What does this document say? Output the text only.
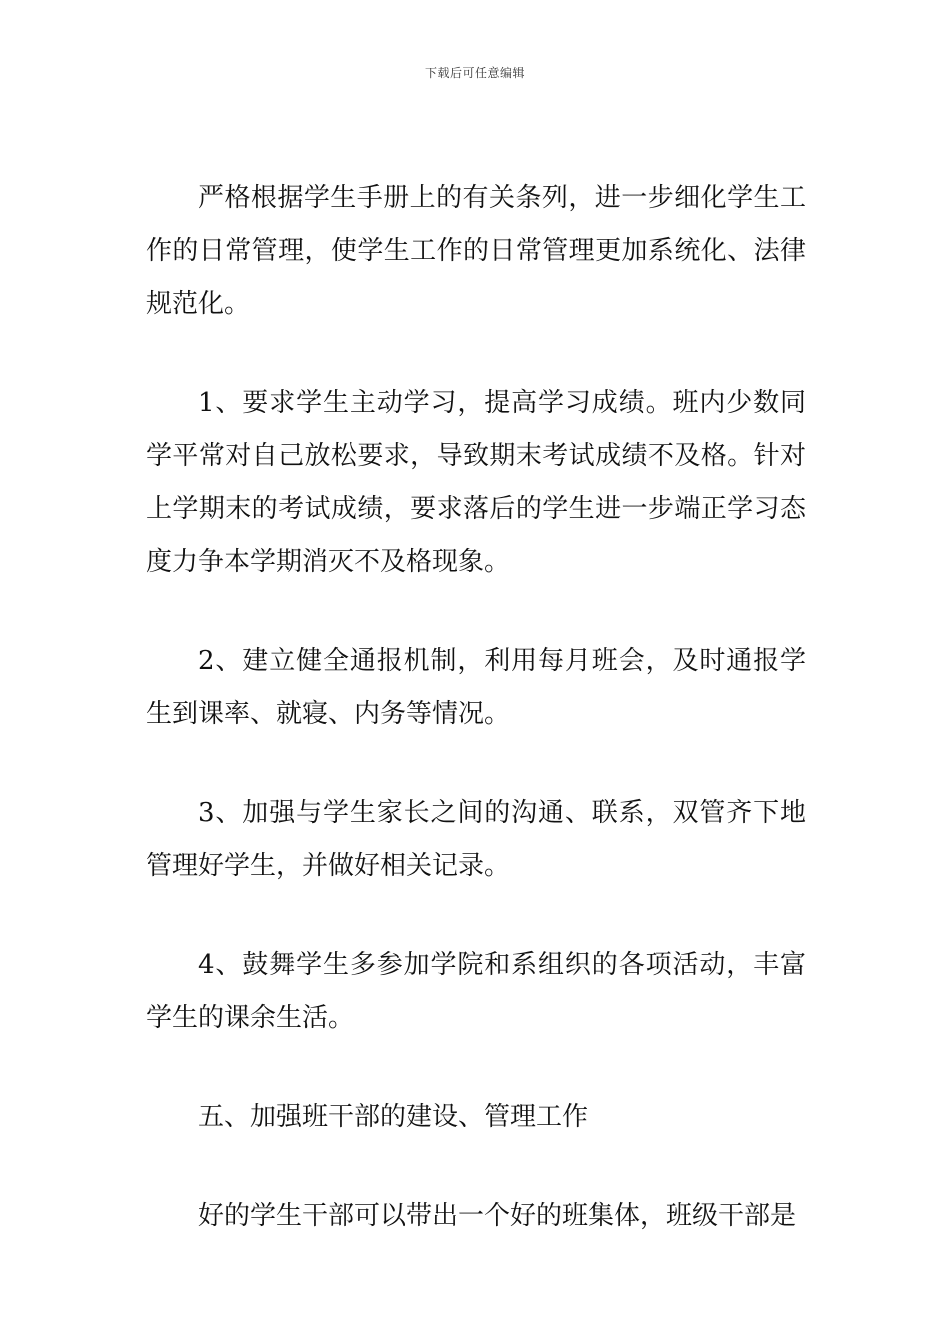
下载后可任意编辑

严格根据学生手册上的有关条列，进一步细化学生工作的日常管理，使学生工作的日常管理更加系统化、法律规范化。

1、要求学生主动学习，提高学习成绩。班内少数同学平常对自己放松要求，导致期末考试成绩不及格。针对上学期末的考试成绩，要求落后的学生进一步端正学习态度力争本学期消灭不及格现象。

2、建立健全通报机制，利用每月班会，及时通报学生到课率、就寝、内务等情况。

3、加强与学生家长之间的沟通、联系，双管齐下地管理好学生，并做好相关记录。

4、鼓舞学生多参加学院和系组织的各项活动，丰富学生的课余生活。

五、加强班干部的建设、管理工作

好的学生干部可以带出一个好的班集体，班级干部是
